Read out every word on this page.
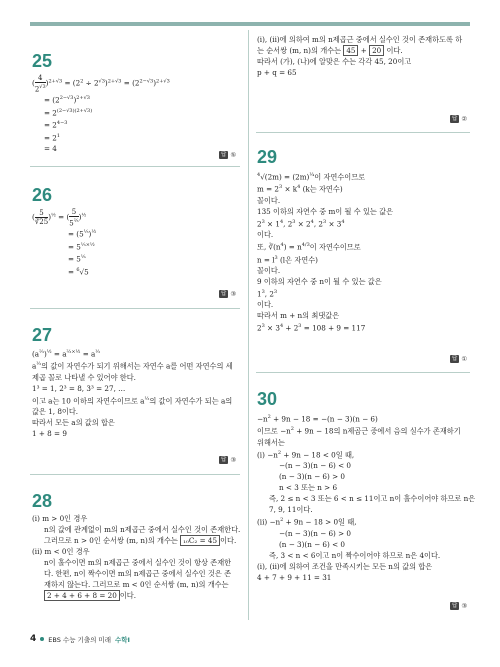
25
( $\frac{4}{2^{√3}} )^{2+√3} = (2^2 \div 2^{√3})^{2+√3} = (2^{2-√3})^{2+√3}$
= $(2^{2-√3})^{2+√3}$
= $2^{(2-√3)(2+√3)}$
= $2^{4-3}$
= $2^1$
= 4
답 ⑤
26
( $\frac{5}{∛25} )^{\frac{1}{2}}$ = ( $\frac{5}{5^{\frac{2}{3}}} )^{\frac{1}{2}}$
= $(5^{\frac{1}{3}})^{\frac{1}{2}}$
= $5^{\frac{1}{3}\times\frac{1}{2}}$
= $5^{\frac{1}{6}}$
= $^6$√5
답 ③
27
$(a^{\frac{2}{3}})^{\frac{1}{2}} = a^{\frac{2}{3}\times\frac{1}{2}} = a^{\frac{1}{3}}$
$a^{\frac{1}{3}}$의 값이 자연수가 되기 위해서는 자연수 a를 어떤 자연수의 세
제곱 꼴로 나타낼 수 있어야 한다.
1³ = 1, 2³ = 8, 3³ = 27, …
이고 a는 10 이하의 자연수이므로 $a^{\frac{1}{3}}$의 값이 자연수가 되는 a의
값은 1, 8이다.
따라서 모든 a의 값의 합은
1 + 8 = 9
답 ③
28
(i) m > 0인 경우
n의 값에 관계없이 m의 n제곱근 중에서 실수인 것이 존재한다.
그러므로 n > 0인 순서쌍 (m, n)의 개수는 ₁₀C₂ = 45 이다.
(ii) m < 0인 경우
n이 홀수이면 m의 n제곱근 중에서 실수인 것이 항상 존재한
다. 한편, n이 짝수이면 m의 n제곱근 중에서 실수인 것은 존
재하지 않는다. 그러므로 m < 0인 순서쌍 (m, n)의 개수는
2 + 4 + 6 + 8 = 20 이다.
(i), (ii)에 의하여 m의 n제곱근 중에서 실수인 것이 존재하도록 하
는 순서쌍 (m, n)의 개수는 45 + 20 이다.
따라서 (가), (나)에 알맞은 수는 각각 45, 20이고
p + q = 65
답 ②
29
$^4√(2m) = (2m)^{\frac{1}{4}}$이 자연수이므로
$m = 2^3 \times k^4$ (k는 자연수)
꼴이다.
135 이하의 자연수 중 m이 될 수 있는 값은
$2^3 \times 1^4$, $2^3 \times 2^4$, $2^3 \times 3^4$
이다.
또, $∛(n^4) = n^{4/3}$이 자연수이므로
$n = l^3$ (l은 자연수)
꼴이다.
9 이하의 자연수 중 n이 될 수 있는 값은
$1^3$, $2^3$
이다.
따라서 m + n의 최댓값은
$2^3 \times 3^4 + 2^3 = 108 + 9 = 117$
답 ①
30
$-n^2 + 9n - 18 = -(n - 3)(n - 6)$
이므로 $-n^2 + 9n - 18$의 n제곱근 중에서 음의 실수가 존재하기
위해서는
$(i) -n^2 + 9n - 18 < 0$일 때,
−(n − 3)(n − 6) < 0
(n − 3)(n − 6) > 0
n < 3 또는 n > 6
즉, 2 ≤ n < 3 또는 6 < n ≤ 11이고 n이 홀수이어야 하므로 n은
7, 9, 11이다.
$(ii) -n^2 + 9n - 18 > 0$일 때,
−(n − 3)(n − 6) > 0
(n − 3)(n − 6) < 0
즉, 3 < n < 6이고 n이 짝수이어야 하므로 n은 4이다.
(i), (ii)에 의하여 조건을 만족시키는 모든 n의 값의 합은
4 + 7 + 9 + 11 = 31
답 ③
4 EBS 수능 기출의 미래 수학Ⅰ
